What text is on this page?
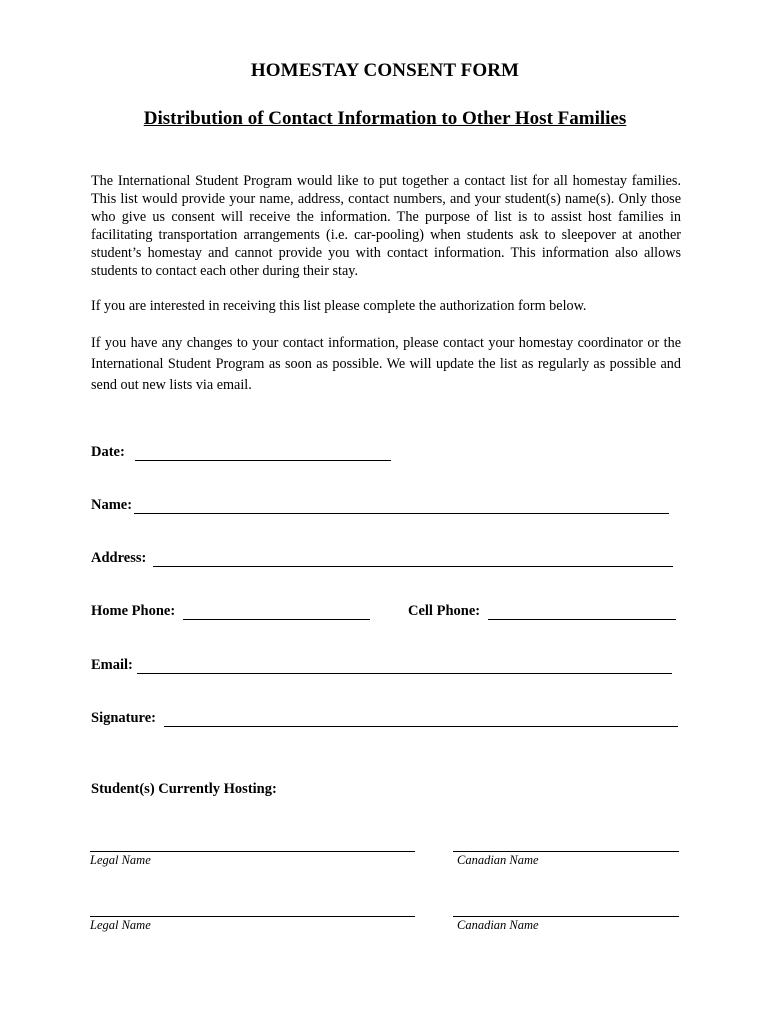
HOMESTAY CONSENT FORM
Distribution of Contact Information to Other Host Families

The International Student Program would like to put together a contact list for all homestay families. This list would provide your name, address, contact numbers, and your student(s) name(s). Only those who give us consent will receive the information. The purpose of list is to assist host families in facilitating transportation arrangements (i.e. car-pooling) when students ask to sleepover at another student’s homestay and cannot provide you with contact information. This information also allows students to contact each other during their stay.

If you are interested in receiving this list please complete the authorization form below.

If you have any changes to your contact information, please contact your homestay coordinator or the International Student Program as soon as possible. We will update the list as regularly as possible and send out new lists via email.

Date:
Name:
Address:
Home Phone:	Cell Phone:
Email:
Signature:
Student(s) Currently Hosting:
Legal Name	Canadian Name
Legal Name	Canadian Name
